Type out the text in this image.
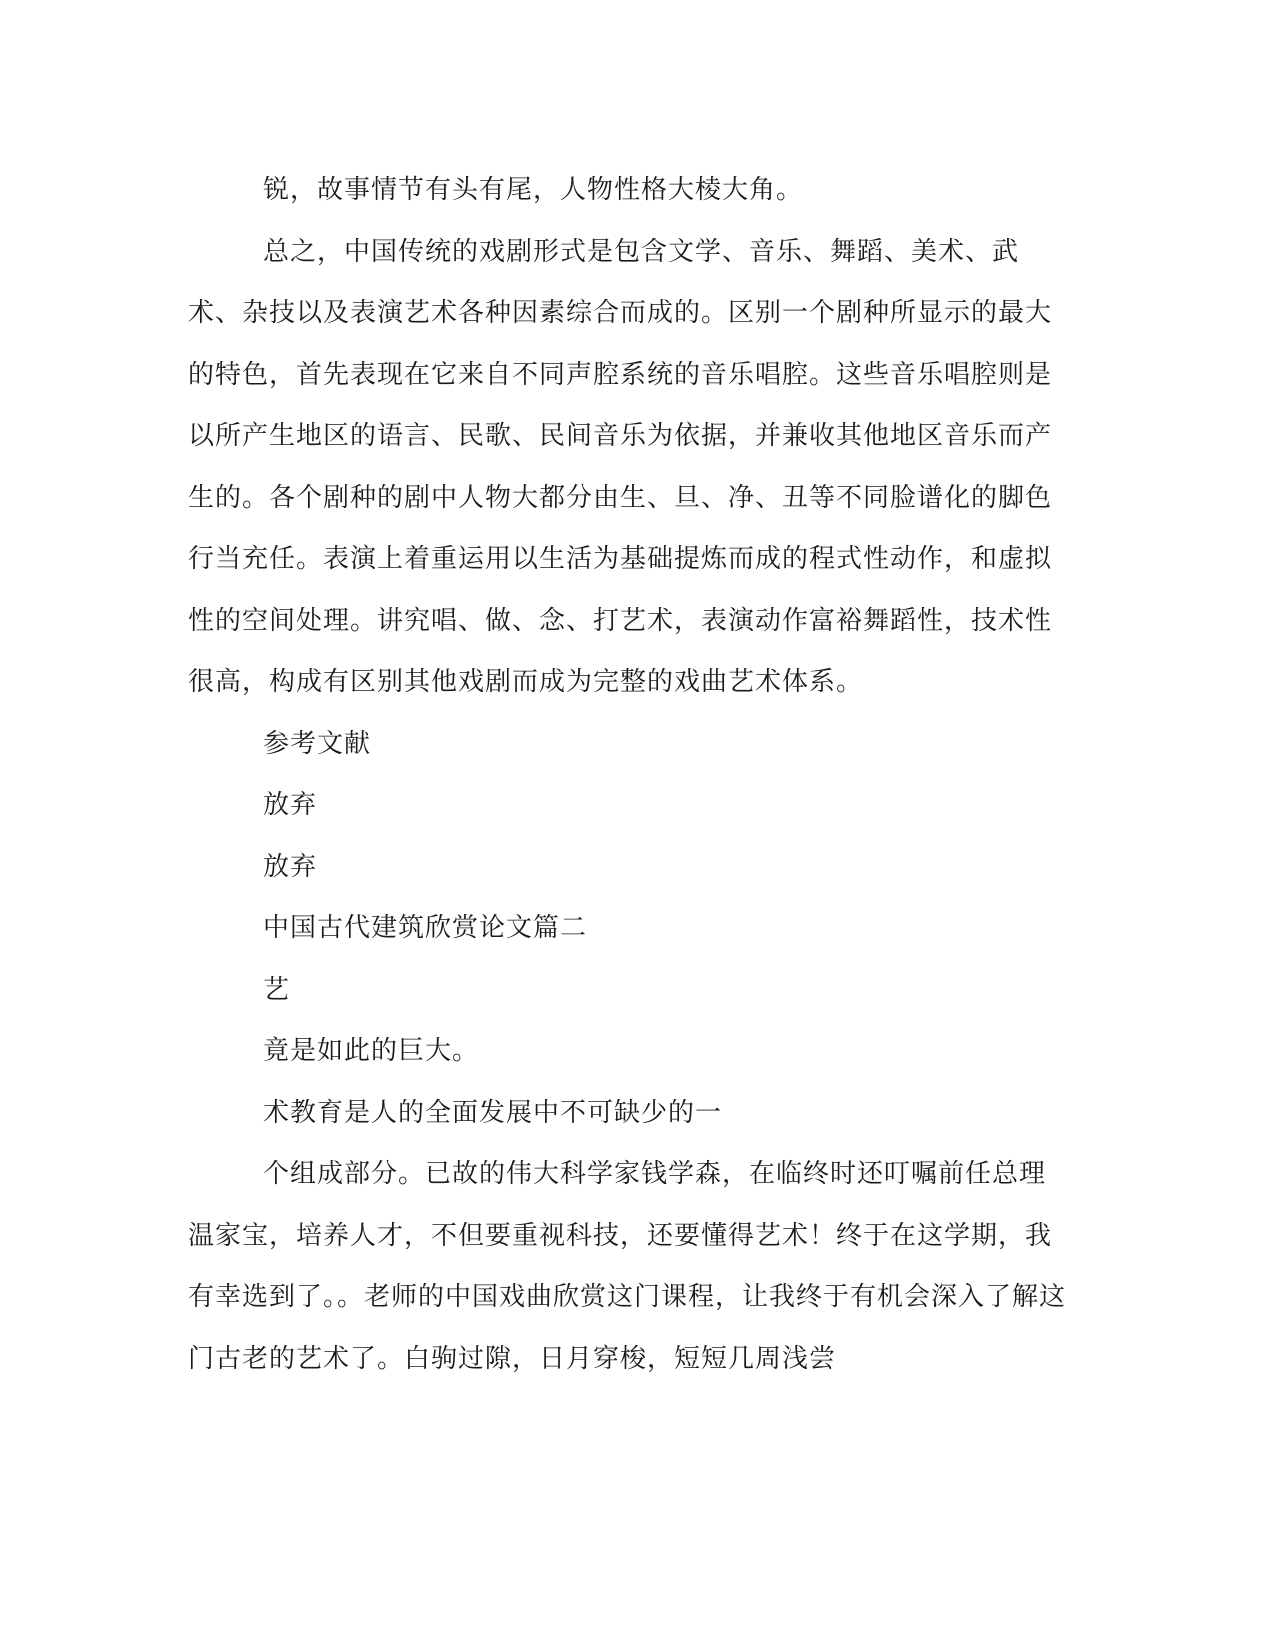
锐，故事情节有头有尾，人物性格大棱大角。

总之，中国传统的戏剧形式是包含文学、音乐、舞蹈、美术、武术、杂技以及表演艺术各种因素综合而成的。区别一个剧种所显示的最大的特色，首先表现在它来自不同声腔系统的音乐唱腔。这些音乐唱腔则是以所产生地区的语言、民歌、民间音乐为依据，并兼收其他地区音乐而产生的。各个剧种的剧中人物大都分由生、旦、净、丑等不同脸谱化的脚色行当充任。表演上着重运用以生活为基础提炼而成的程式性动作，和虚拟性的空间处理。讲究唱、做、念、打艺术，表演动作富裕舞蹈性，技术性很高，构成有区别其他戏剧而成为完整的戏曲艺术体系。

参考文献

放弃

放弃

中国古代建筑欣赏论文篇二

艺

竟是如此的巨大。

术教育是人的全面发展中不可缺少的一

个组成部分。已故的伟大科学家钱学森，在临终时还叮嘱前任总理温家宝，培养人才，不但要重视科技，还要懂得艺术！终于在这学期，我有幸选到了。。老师的中国戏曲欣赏这门课程，让我终于有机会深入了解这门古老的艺术了。白驹过隙，日月穿梭，短短几周浅尝
